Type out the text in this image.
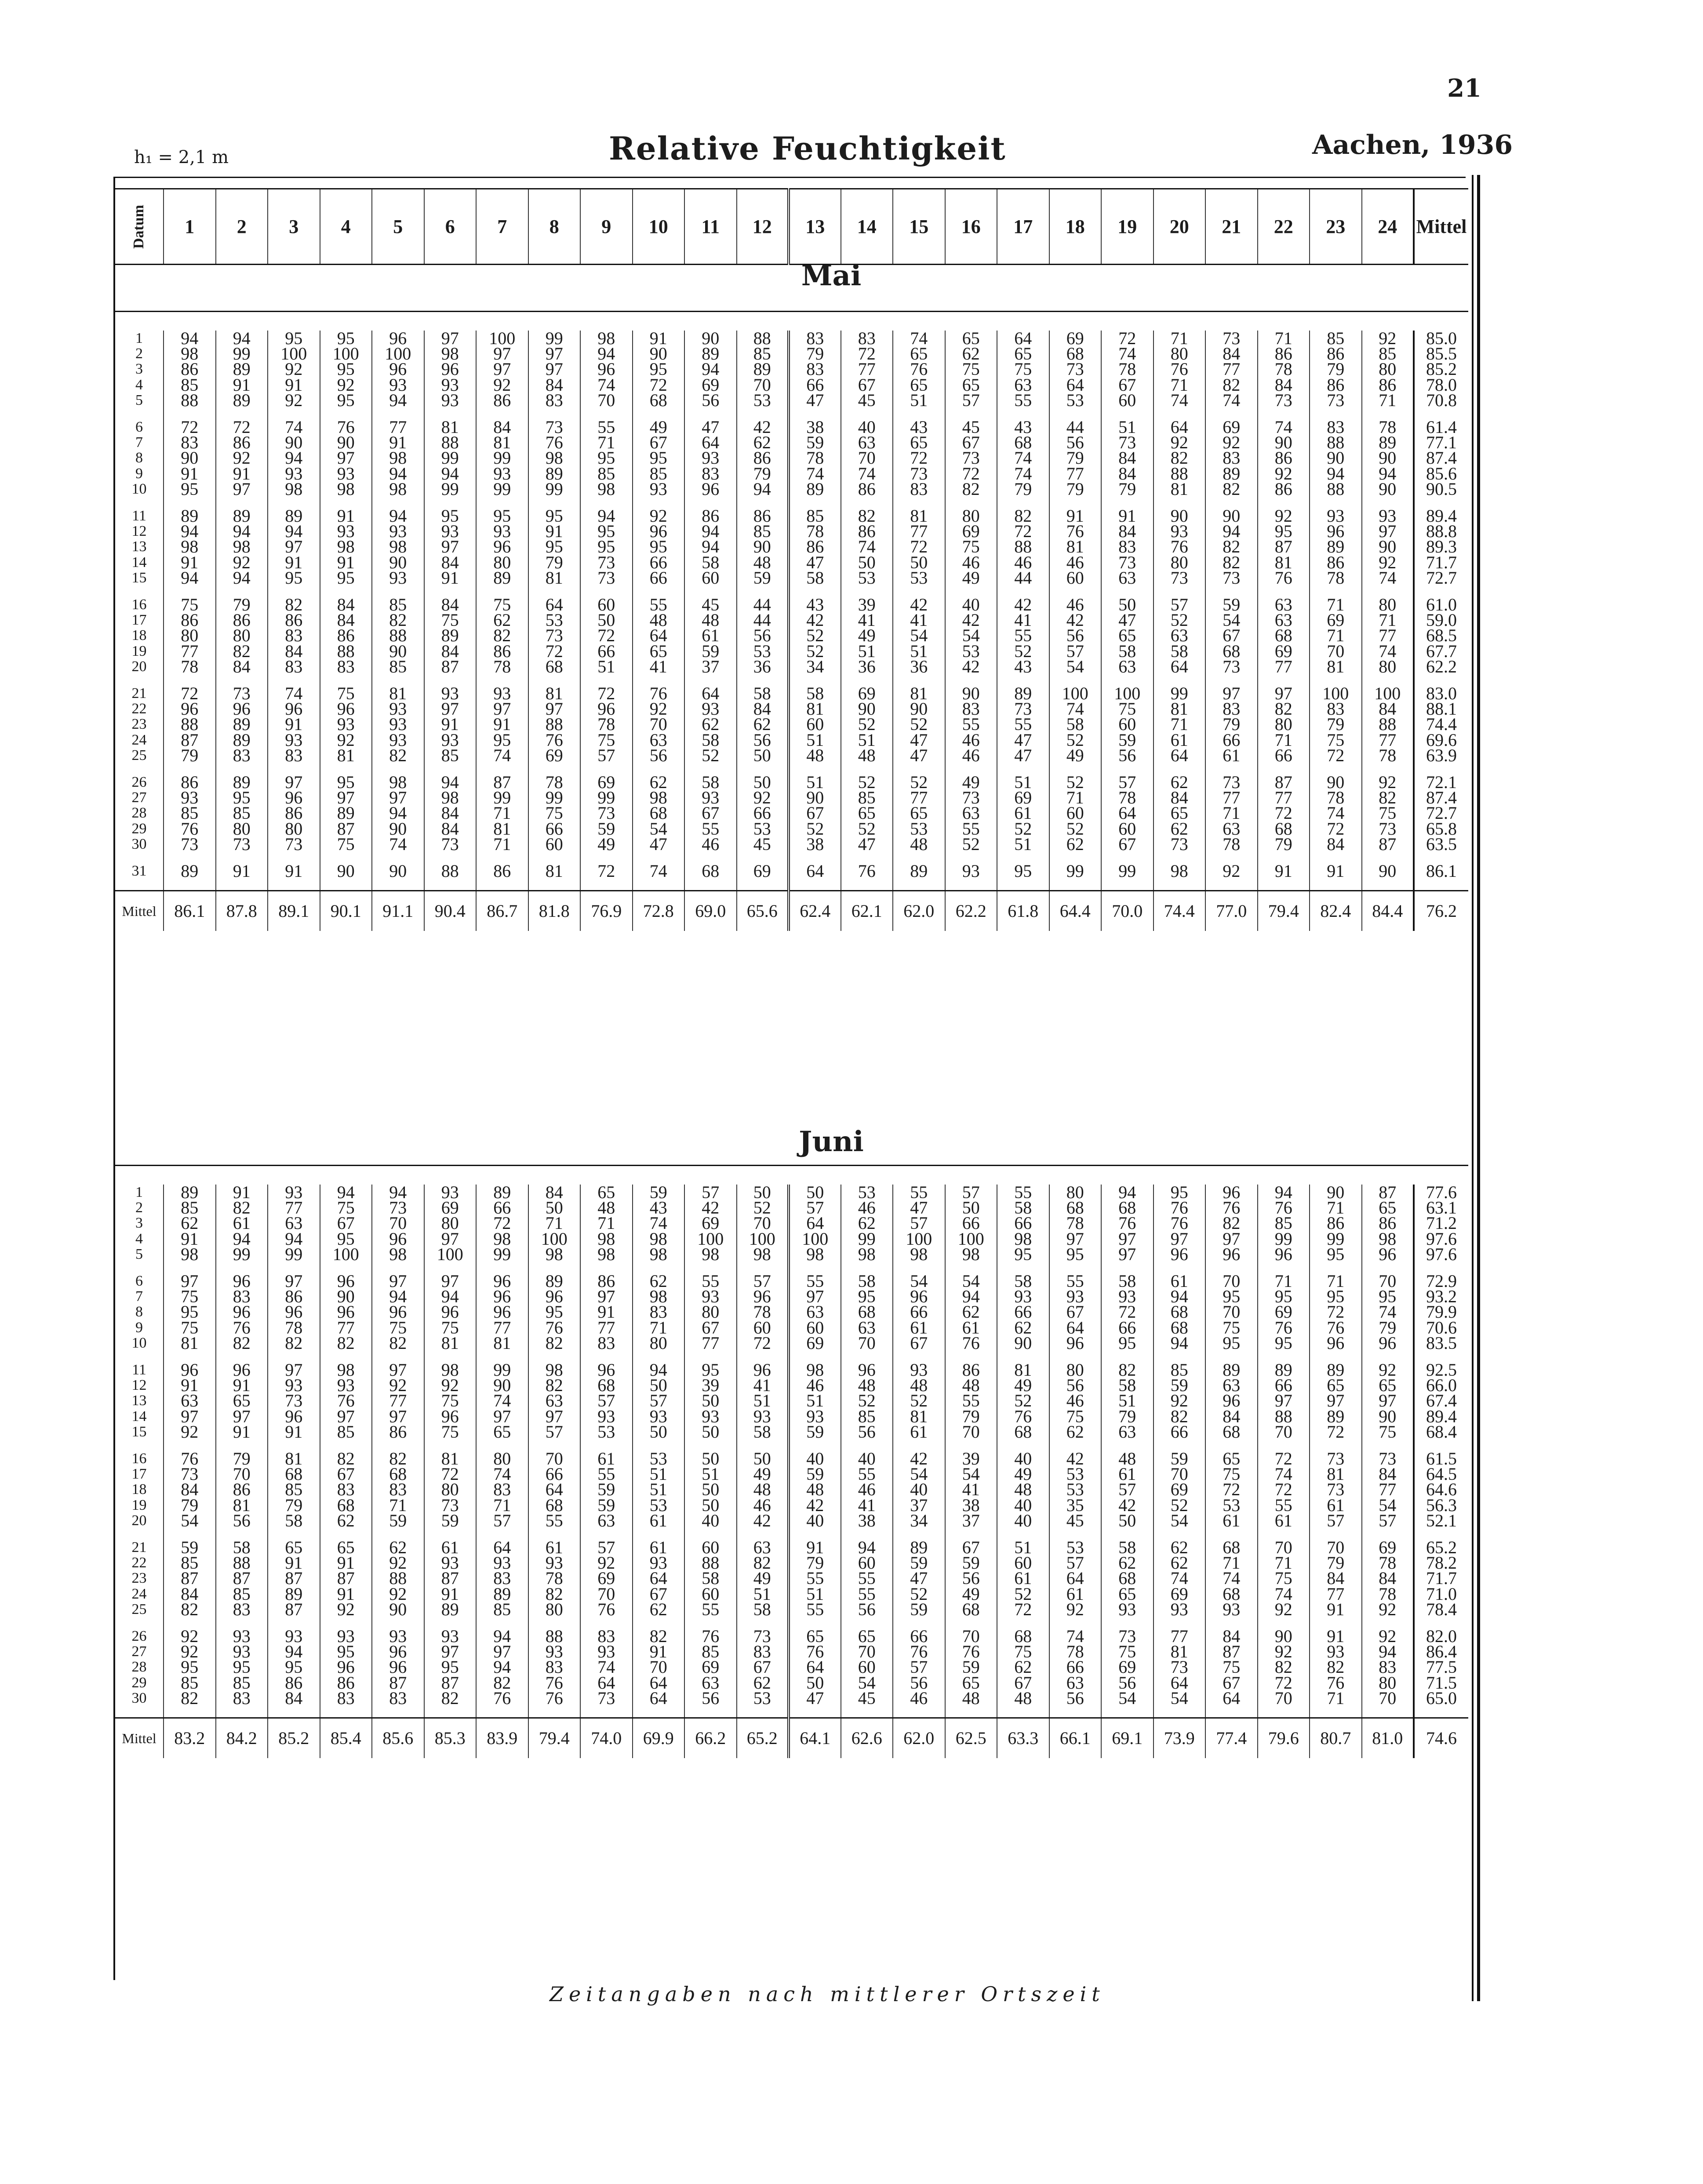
21
h₁ = 2,1 m	Relative Feuchtigkeit	Aachen, 1936
Datum	1	2	3	4	5	6	7	8	9	10	11	12	13	14	15	16	17	18	19	20	21	22	23	24	Mittel
Mai
1	94	94	95	95	96	97	100	99	98	91	90	88	83	83	74	65	64	69	72	71	73	71	85	92	85.0
2	98	99	100	100	100	98	97	97	94	90	89	85	79	72	65	62	65	68	74	80	84	86	86	85	85.5
3	86	89	92	95	96	96	97	97	96	95	94	89	83	77	76	75	75	73	78	76	77	78	79	80	85.2
4	85	91	91	92	93	93	92	84	74	72	69	70	66	67	65	65	63	64	67	71	82	84	86	86	78.0
5	88	89	92	95	94	93	86	83	70	68	56	53	47	45	51	57	55	53	60	74	74	73	73	71	70.8

6	72	72	74	76	77	81	84	73	55	49	47	42	38	40	43	45	43	44	51	64	69	74	83	78	61.4
7	83	86	90	90	91	88	81	76	71	67	64	62	59	63	65	67	68	56	73	92	92	90	88	89	77.1
8	90	92	94	97	98	99	99	98	95	95	93	86	78	70	72	73	74	79	84	82	83	86	90	90	87.4
9	91	91	93	93	94	94	93	89	85	85	83	79	74	74	73	72	74	77	84	88	89	92	94	94	85.6
10	95	97	98	98	98	99	99	99	98	93	96	94	89	86	83	82	79	79	79	81	82	86	88	90	90.5

11	89	89	89	91	94	95	95	95	94	92	86	86	85	82	81	80	82	91	91	90	90	92	93	93	89.4
12	94	94	94	93	93	93	93	91	95	96	94	85	78	86	77	69	72	76	84	93	94	95	96	97	88.8
13	98	98	97	98	98	97	96	95	95	95	94	90	86	74	72	75	88	81	83	76	82	87	89	90	89.3
14	91	92	91	91	90	84	80	79	73	66	58	48	47	50	50	46	46	46	73	80	82	81	86	92	71.7
15	94	94	95	95	93	91	89	81	73	66	60	59	58	53	53	49	44	60	63	73	73	76	78	74	72.7

16	75	79	82	84	85	84	75	64	60	55	45	44	43	39	42	40	42	46	50	57	59	63	71	80	61.0
17	86	86	86	84	82	75	62	53	50	48	48	44	42	41	41	42	41	42	47	52	54	63	69	71	59.0
18	80	80	83	86	88	89	82	73	72	64	61	56	52	49	54	54	55	56	65	63	67	68	71	77	68.5
19	77	82	84	88	90	84	86	72	66	65	59	53	52	51	51	53	52	57	58	58	68	69	70	74	67.7
20	78	84	83	83	85	87	78	68	51	41	37	36	34	36	36	42	43	54	63	64	73	77	81	80	62.2

21	72	73	74	75	81	93	93	81	72	76	64	58	58	69	81	90	89	100	100	99	97	97	100	100	83.0
22	96	96	96	96	93	97	97	97	96	92	93	84	81	90	90	83	73	74	75	81	83	82	83	84	88.1
23	88	89	91	93	93	91	91	88	78	70	62	62	60	52	52	55	55	58	60	71	79	80	79	88	74.4
24	87	89	93	92	93	93	95	76	75	63	58	56	51	51	47	46	47	52	59	61	66	71	75	77	69.6
25	79	83	83	81	82	85	74	69	57	56	52	50	48	48	47	46	47	49	56	64	61	66	72	78	63.9

26	86	89	97	95	98	94	87	78	69	62	58	50	51	52	52	49	51	52	57	62	73	87	90	92	72.1
27	93	95	96	97	97	98	99	99	99	98	93	92	90	85	77	73	69	71	78	84	77	77	78	82	87.4
28	85	85	86	89	94	84	71	75	73	68	67	66	67	65	65	63	61	60	64	65	71	72	74	75	72.7
29	76	80	80	87	90	84	81	66	59	54	55	53	52	52	53	55	52	52	60	62	63	68	72	73	65.8
30	73	73	73	75	74	73	71	60	49	47	46	45	38	47	48	52	51	62	67	73	78	79	84	87	63.5

31	89	91	91	90	90	88	86	81	72	74	68	69	64	76	89	93	95	99	99	98	92	91	91	90	86.1

Mittel	86.1	87.8	89.1	90.1	91.1	90.4	86.7	81.8	76.9	72.8	69.0	65.6	62.4	62.1	62.0	62.2	61.8	64.4	70.0	74.4	77.0	79.4	82.4	84.4	76.2
Juni
1	89	91	93	94	94	93	89	84	65	59	57	50	50	53	55	57	55	80	94	95	96	94	90	87	77.6
2	85	82	77	75	73	69	66	50	48	43	42	52	57	46	47	50	58	68	68	76	76	76	71	65	63.1
3	62	61	63	67	70	80	72	71	71	74	69	70	64	62	57	66	66	78	76	76	82	85	86	86	71.2
4	91	94	94	95	96	97	98	100	98	98	100	100	100	99	100	100	98	97	97	97	97	99	99	98	97.6
5	98	99	99	100	98	100	99	98	98	98	98	98	98	98	98	98	95	95	97	96	96	96	95	96	97.6

6	97	96	97	96	97	97	96	89	86	62	55	57	55	58	54	54	58	55	58	61	70	71	71	70	72.9
7	75	83	86	90	94	94	96	96	97	98	93	96	97	95	96	94	93	93	93	94	95	95	95	95	93.2
8	95	96	96	96	96	96	96	95	91	83	80	78	63	68	66	62	66	67	72	68	70	69	72	74	79.9
9	75	76	78	77	75	75	77	76	77	71	67	60	60	63	61	61	62	64	66	68	75	76	76	79	70.6
10	81	82	82	82	82	81	81	82	83	80	77	72	69	70	67	76	90	96	95	94	95	95	96	96	83.5

11	96	96	97	98	97	98	99	98	96	94	95	96	98	96	93	86	81	80	82	85	89	89	89	92	92.5
12	91	91	93	93	92	92	90	82	68	50	39	41	46	48	48	48	49	56	58	59	63	66	65	65	66.0
13	63	65	73	76	77	75	74	63	57	57	50	51	51	52	52	55	52	46	51	92	96	97	97	97	67.4
14	97	97	96	97	97	96	97	97	93	93	93	93	93	85	81	79	76	75	79	82	84	88	89	90	89.4
15	92	91	91	85	86	75	65	57	53	50	50	58	59	56	61	70	68	62	63	66	68	70	72	75	68.4

16	76	79	81	82	82	81	80	70	61	53	50	50	40	40	42	39	40	42	48	59	65	72	73	73	61.5
17	73	70	68	67	68	72	74	66	55	51	51	49	59	55	54	54	49	53	61	70	75	74	81	84	64.5
18	84	86	85	83	83	80	83	64	59	51	50	48	48	46	40	41	48	53	57	69	72	72	73	77	64.6
19	79	81	79	68	71	73	71	68	59	53	50	46	42	41	37	38	40	35	42	52	53	55	61	54	56.3
20	54	56	58	62	59	59	57	55	63	61	40	42	40	38	34	37	40	45	50	54	61	61	57	57	52.1

21	59	58	65	65	62	61	64	61	57	61	60	63	91	94	89	67	51	53	58	62	68	70	70	69	65.2
22	85	88	91	91	92	93	93	93	92	93	88	82	79	60	59	59	60	57	62	62	71	71	79	78	78.2
23	87	87	87	87	88	87	83	78	69	64	58	49	55	55	47	56	61	64	68	74	74	75	84	84	71.7
24	84	85	89	91	92	91	89	82	70	67	60	51	51	55	52	49	52	61	65	69	68	74	77	78	71.0
25	82	83	87	92	90	89	85	80	76	62	55	58	55	56	59	68	72	92	93	93	93	92	91	92	78.4

26	92	93	93	93	93	93	94	88	83	82	76	73	65	65	66	70	68	74	73	77	84	90	91	92	82.0
27	92	93	94	95	96	97	97	93	93	91	85	83	76	70	76	76	75	78	75	81	87	92	93	94	86.4
28	95	95	95	96	96	95	94	83	74	70	69	67	64	60	57	59	62	66	69	73	75	82	82	83	77.5
29	85	85	86	86	87	87	82	76	64	64	63	62	50	54	56	65	67	63	56	64	67	72	76	80	71.5
30	82	83	84	83	83	82	76	76	73	64	56	53	47	45	46	48	48	56	54	54	64	70	71	70	65.0

Mittel	83.2	84.2	85.2	85.4	85.6	85.3	83.9	79.4	74.0	69.9	66.2	65.2	64.1	62.6	62.0	62.5	63.3	66.1	69.1	73.9	77.4	79.6	80.7	81.0	74.6
Zeitangaben nach mittlerer Ortszeit
